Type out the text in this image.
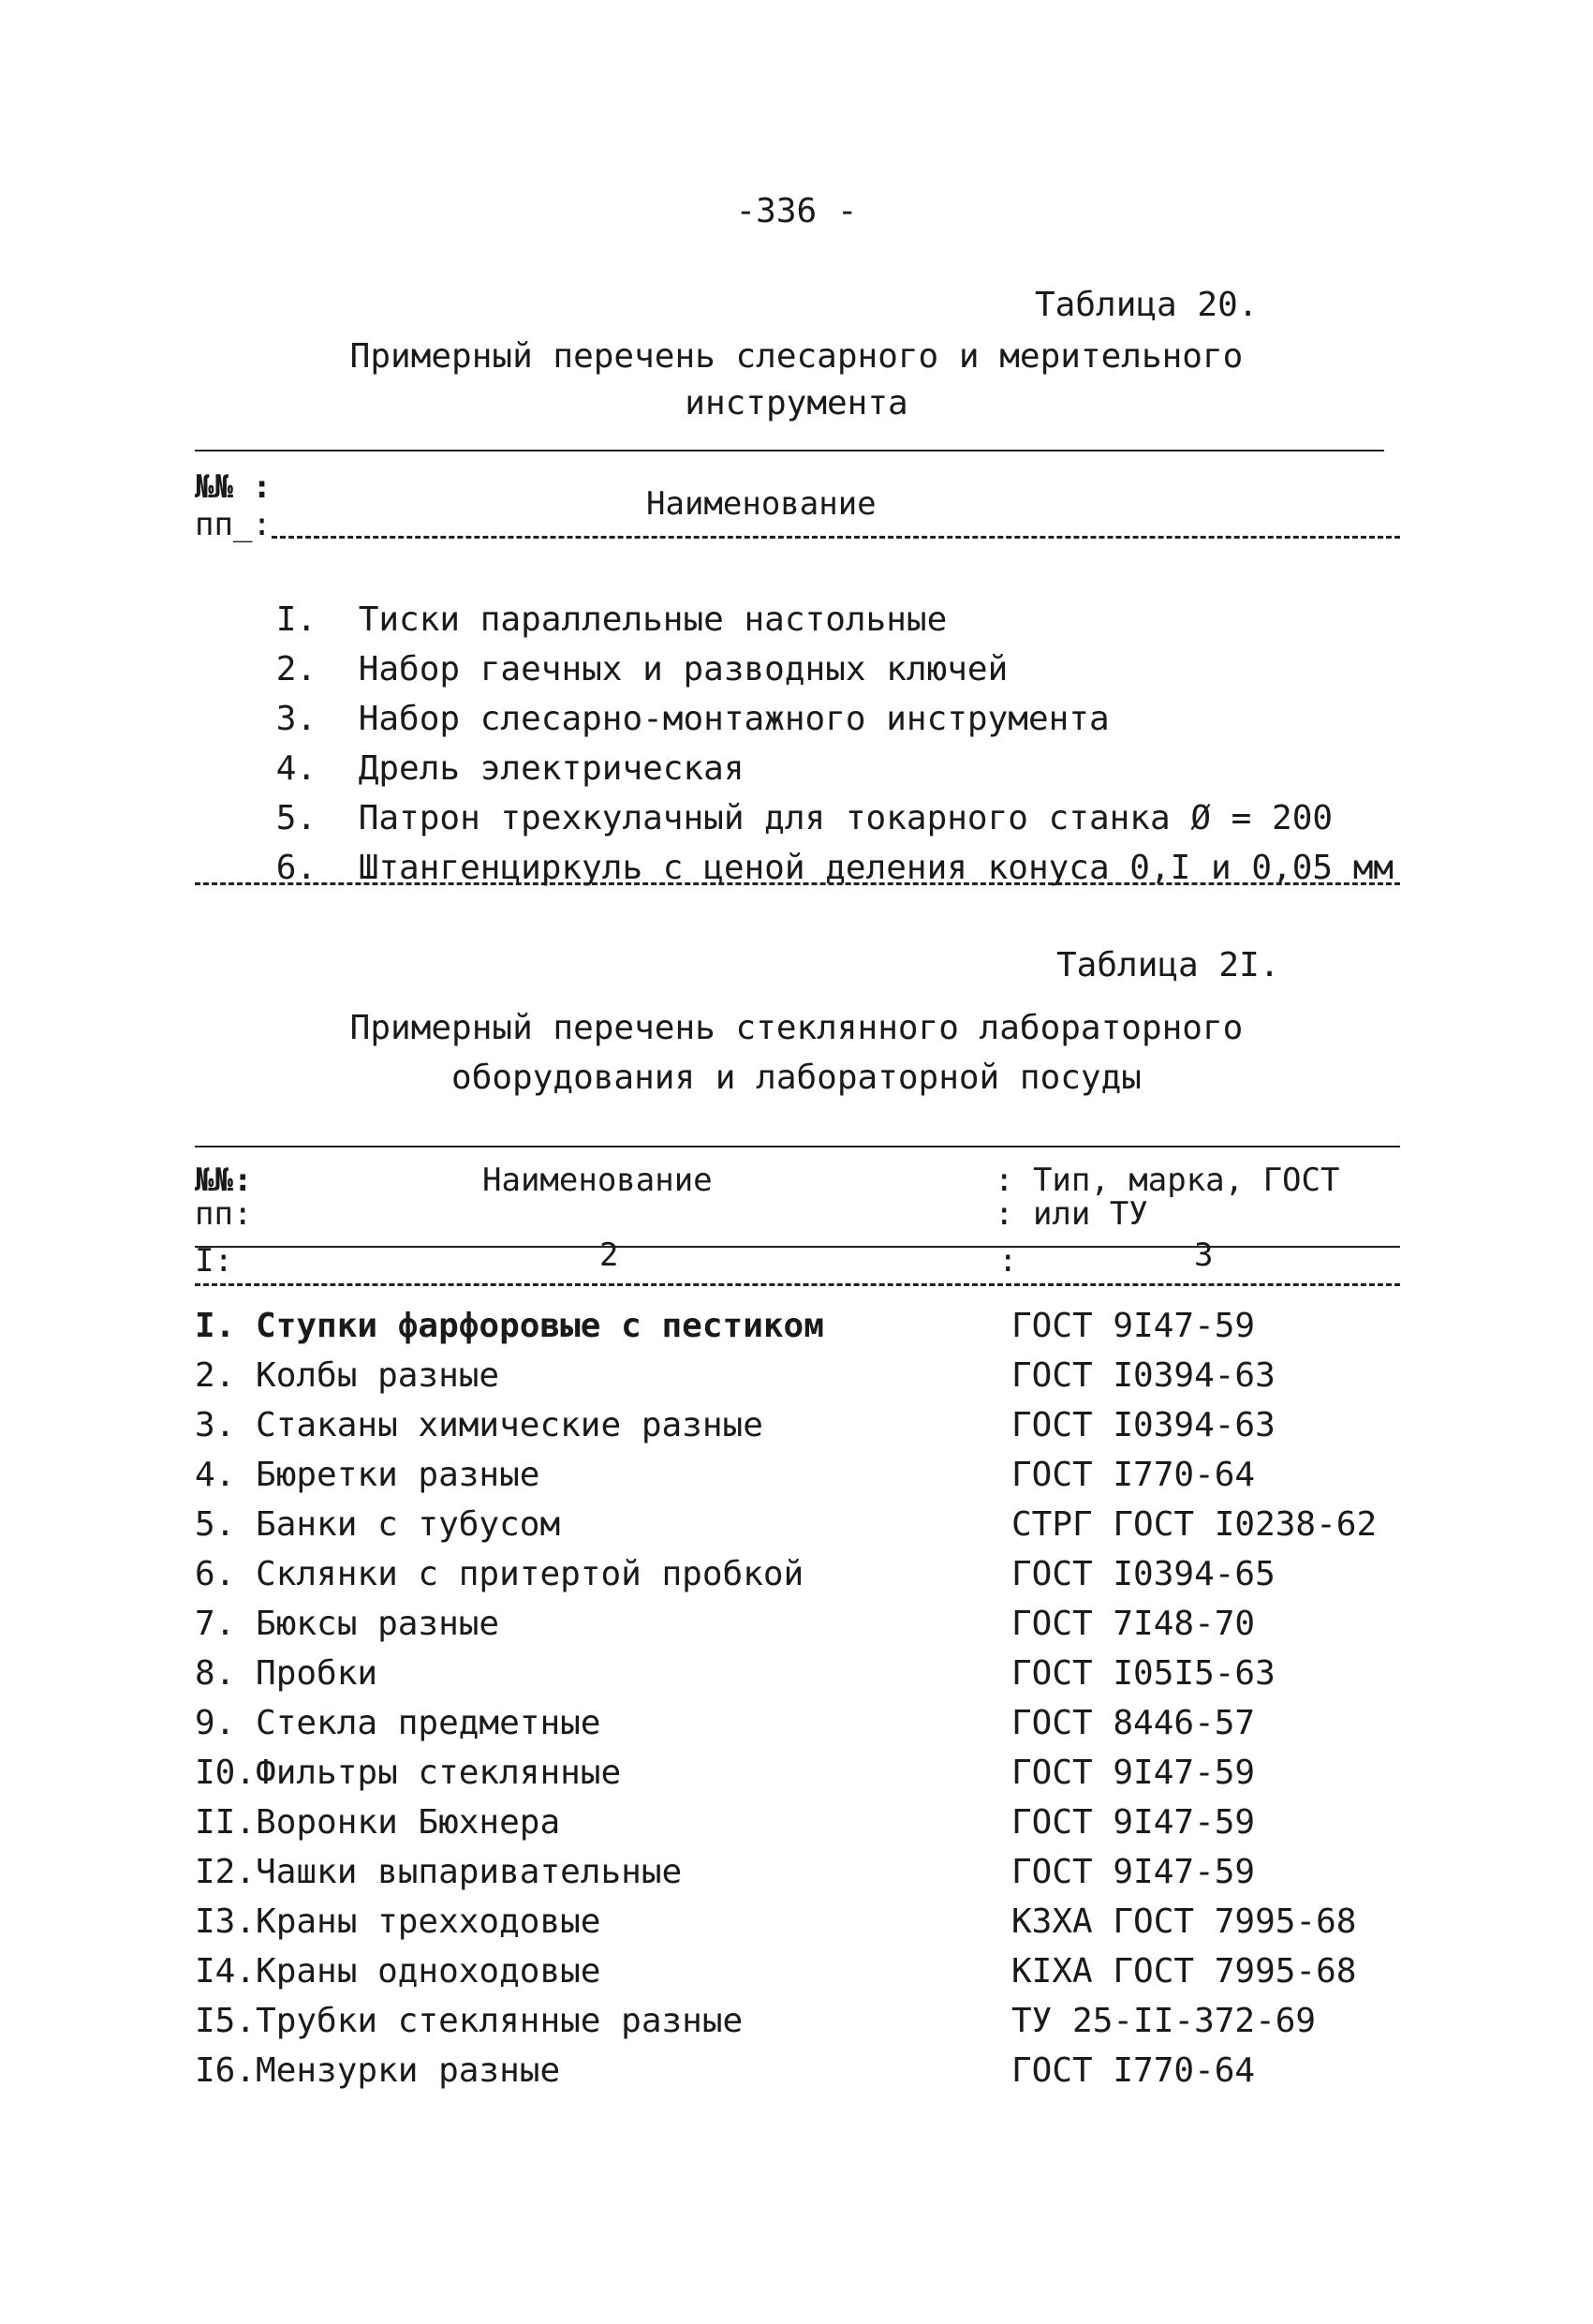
-336 -
Таблица 20.
Примерный перечень слесарного и мерительного
инструмента
№№ :
пп_:
Наименование

I. Тиски параллельные настольные

2. Набор гаечных и разводных ключей

3. Набор слесарно-монтажного инструмента

4. Дрель электрическая

5. Патрон трехкулачный для токарного станка Ø = 200

6. Штангенциркуль с ценой деления конуса 0,I и 0,05 мм

Таблица 2I.
Примерный перечень стеклянного лабораторного
оборудования и лабораторной посуды
№№:
пп:
Наименование	: Тип, марка, ГОСТ
: или ТУ
I:	2	:	3
I. Ступки фарфоровые с пестиком	ГОСТ 9I47-59
2. Колбы разные	ГОСТ I0394-63
3. Стаканы химические разные	ГОСТ I0394-63
4. Бюретки разные	ГОСТ I770-64
5. Банки с тубусом	СТРГ ГОСТ I0238-62
6. Склянки с притертой пробкой	ГОСТ I0394-65
7. Бюксы разные	ГОСТ 7I48-70
8. Пробки	ГОСТ I05I5-63
9. Стекла предметные	ГОСТ 8446-57
I0.Фильтры стеклянные	ГОСТ 9I47-59
II.Воронки Бюхнера	ГОСТ 9I47-59
I2.Чашки выпаривательные	ГОСТ 9I47-59
I3.Краны трехходовые	КЗХА ГОСТ 7995-68
I4.Краны одноходовые	КIХА ГОСТ 7995-68
I5.Трубки стеклянные разные	ТУ 25-II-372-69
I6.Мензурки разные	ГОСТ I770-64
